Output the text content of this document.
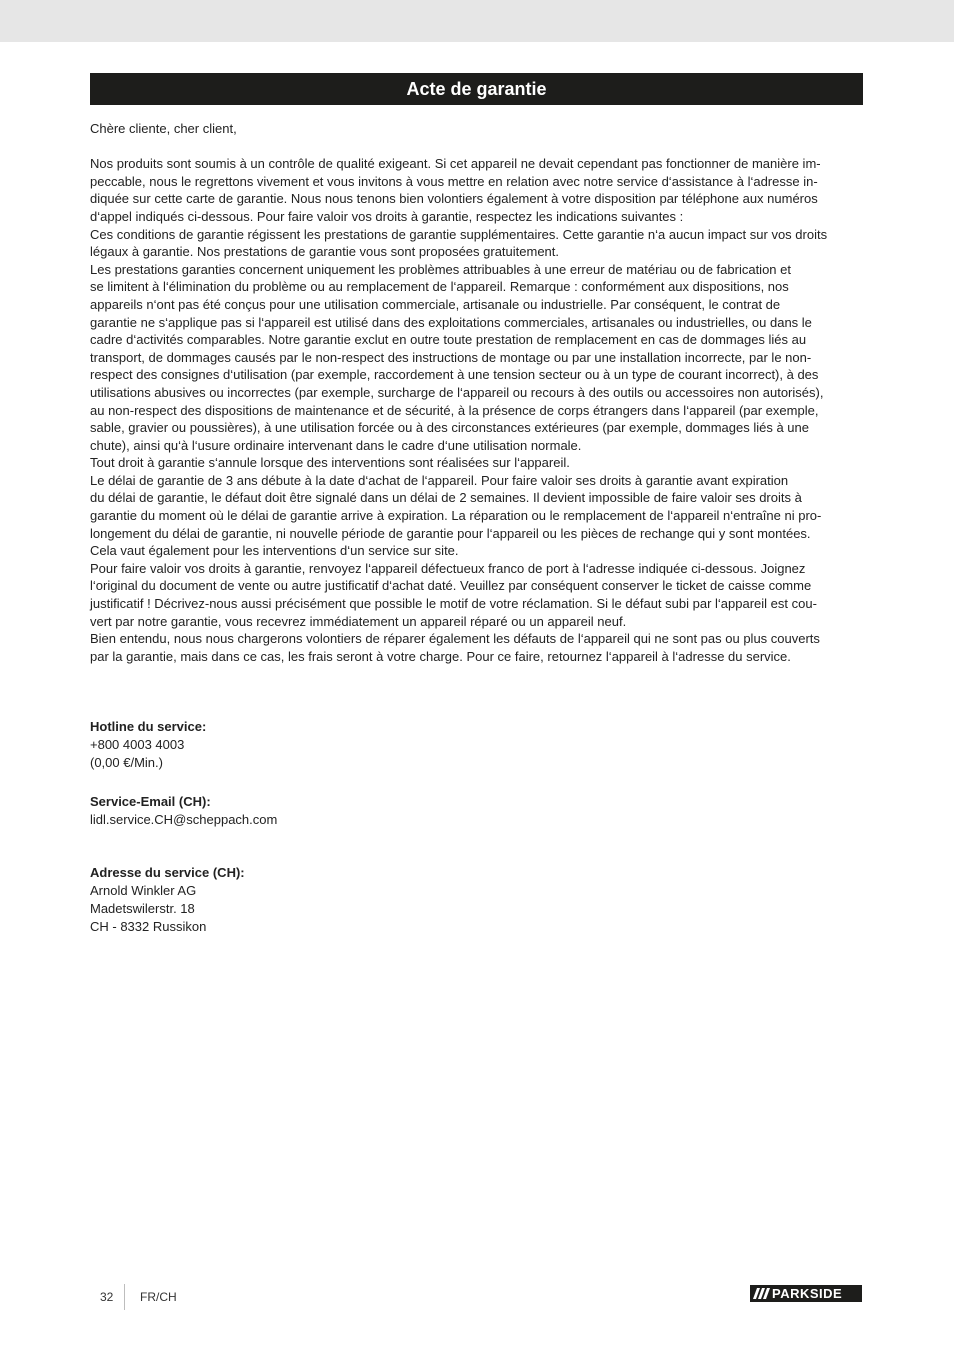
Acte de garantie

Chère cliente, cher client,

Nos produits sont soumis à un contrôle de qualité exigeant. Si cet appareil ne devait cependant pas fonctionner de manière im-
peccable, nous le regrettons vivement et vous invitons à vous mettre en relation avec notre service d‘assistance à l‘adresse in-
diquée sur cette carte de garantie. Nous nous tenons bien volontiers également à votre disposition par téléphone aux numéros
d‘appel indiqués ci-dessous. Pour faire valoir vos droits à garantie, respectez les indications suivantes :

Ces conditions de garantie régissent les prestations de garantie supplémentaires. Cette garantie n‘a aucun impact sur vos droits
légaux à garantie. Nos prestations de garantie vous sont proposées gratuitement.

Les prestations garanties concernent uniquement les problèmes attribuables à une erreur de matériau ou de fabrication et
se limitent à l‘élimination du problème ou au remplacement de l‘appareil. Remarque : conformément aux dispositions, nos
appareils n‘ont pas été conçus pour une utilisation commerciale, artisanale ou industrielle. Par conséquent, le contrat de
garantie ne s‘applique pas si l‘appareil est utilisé dans des exploitations commerciales, artisanales ou industrielles, ou dans le
cadre d‘activités comparables. Notre garantie exclut en outre toute prestation de remplacement en cas de dommages liés au
transport, de dommages causés par le non-respect des instructions de montage ou par une installation incorrecte, par le non-
respect des consignes d‘utilisation (par exemple, raccordement à une tension secteur ou à un type de courant incorrect), à des
utilisations abusives ou incorrectes (par exemple, surcharge de l‘appareil ou recours à des outils ou accessoires non autorisés),
au non-respect des dispositions de maintenance et de sécurité, à la présence de corps étrangers dans l‘appareil (par exemple,
sable, gravier ou poussières), à une utilisation forcée ou à des circonstances extérieures (par exemple, dommages liés à une
chute), ainsi qu‘à l‘usure ordinaire intervenant dans le cadre d‘une utilisation normale.

Tout droit à garantie s‘annule lorsque des interventions sont réalisées sur l‘appareil.

Le délai de garantie de 3 ans débute à la date d‘achat de l‘appareil. Pour faire valoir ses droits à garantie avant expiration
du délai de garantie, le défaut doit être signalé dans un délai de 2 semaines. Il devient impossible de faire valoir ses droits à
garantie du moment où le délai de garantie arrive à expiration. La réparation ou le remplacement de l‘appareil n‘entraîne ni pro-
longement du délai de garantie, ni nouvelle période de garantie pour l‘appareil ou les pièces de rechange qui y sont montées.
Cela vaut également pour les interventions d‘un service sur site.

Pour faire valoir vos droits à garantie, renvoyez l‘appareil défectueux franco de port à l‘adresse indiquée ci-dessous. Joignez
l‘original du document de vente ou autre justificatif d‘achat daté. Veuillez par conséquent conserver le ticket de caisse comme
justificatif ! Décrivez-nous aussi précisément que possible le motif de votre réclamation. Si le défaut subi par l‘appareil est cou-
vert par notre garantie, vous recevrez immédiatement un appareil réparé ou un appareil neuf.

Bien entendu, nous nous chargerons volontiers de réparer également les défauts de l‘appareil qui ne sont pas ou plus couverts
par la garantie, mais dans ce cas, les frais seront à votre charge. Pour ce faire, retournez l‘appareil à l‘adresse du service.

Hotline du service:

+800 4003 4003

(0,00 €/Min.)

Service-Email (CH):

lidl.service.CH@scheppach.com

Adresse du service (CH):

Arnold Winkler AG

Madetswilerstr. 18

CH - 8332 Russikon

32 FR/CH	PARKSIDE
